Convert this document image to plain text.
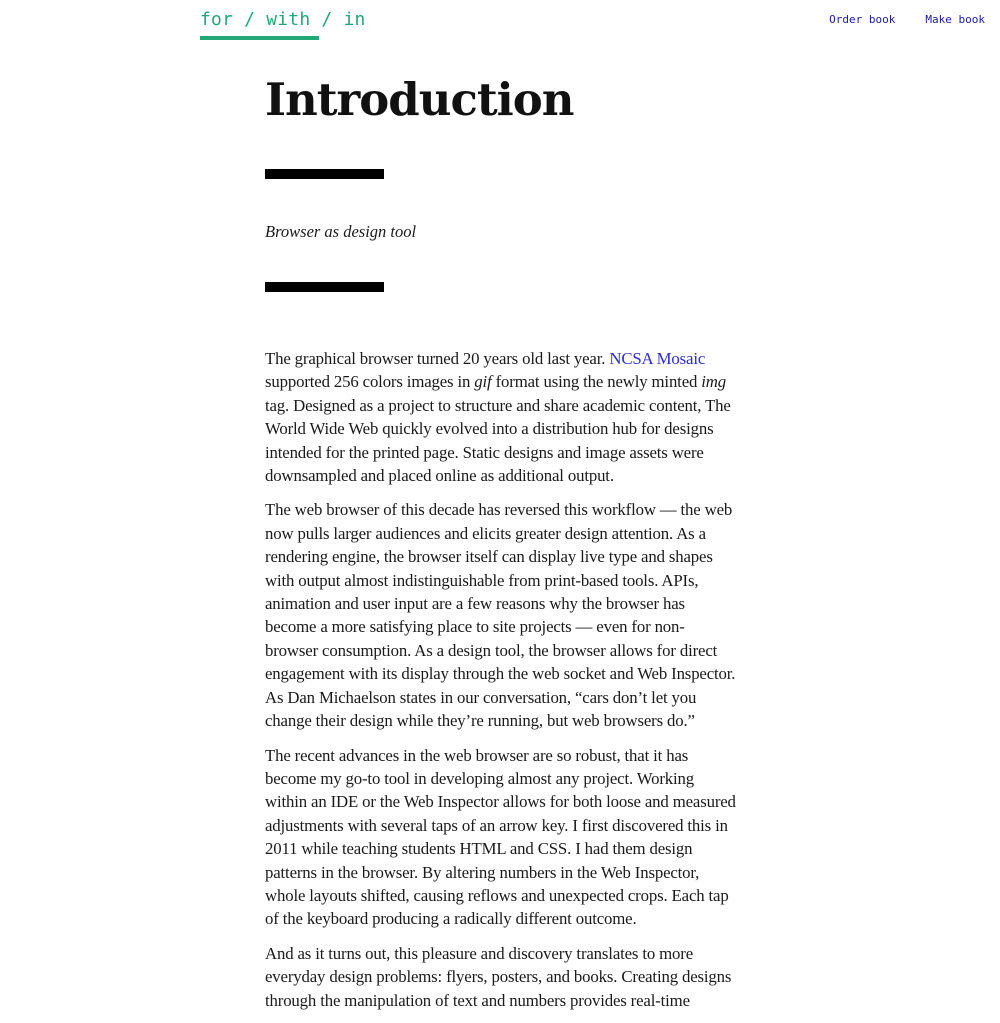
for / with / in	Order book	Make book
Introduction

Browser as design tool

The graphical browser turned 20 years old last year. NCSA Mosaic supported 256 colors images in gif format using the newly minted img tag. Designed as a project to structure and share academic content, The World Wide Web quickly evolved into a distribution hub for designs intended for the printed page. Static designs and image assets were downsampled and placed online as additional output.

The web browser of this decade has reversed this workflow — the web now pulls larger audiences and elicits greater design attention. As a rendering engine, the browser itself can display live type and shapes with output almost indistinguishable from print-based tools. APIs, animation and user input are a few reasons why the browser has become a more satisfying place to site projects — even for non-browser consumption. As a design tool, the browser allows for direct engagement with its display through the web socket and Web Inspector. As Dan Michaelson states in our conversation, “cars don’t let you change their design while they’re running, but web browsers do.”

The recent advances in the web browser are so robust, that it has become my go-to tool in developing almost any project. Working within an IDE or the Web Inspector allows for both loose and measured adjustments with several taps of an arrow key. I first discovered this in 2011 while teaching students HTML and CSS. I had them design patterns in the browser. By altering numbers in the Web Inspector, whole layouts shifted, causing reflows and unexpected crops. Each tap of the keyboard producing a radically different outcome.

And as it turns out, this pleasure and discovery translates to more everyday design problems: flyers, posters, and books. Creating designs through the manipulation of text and numbers provides real-time
